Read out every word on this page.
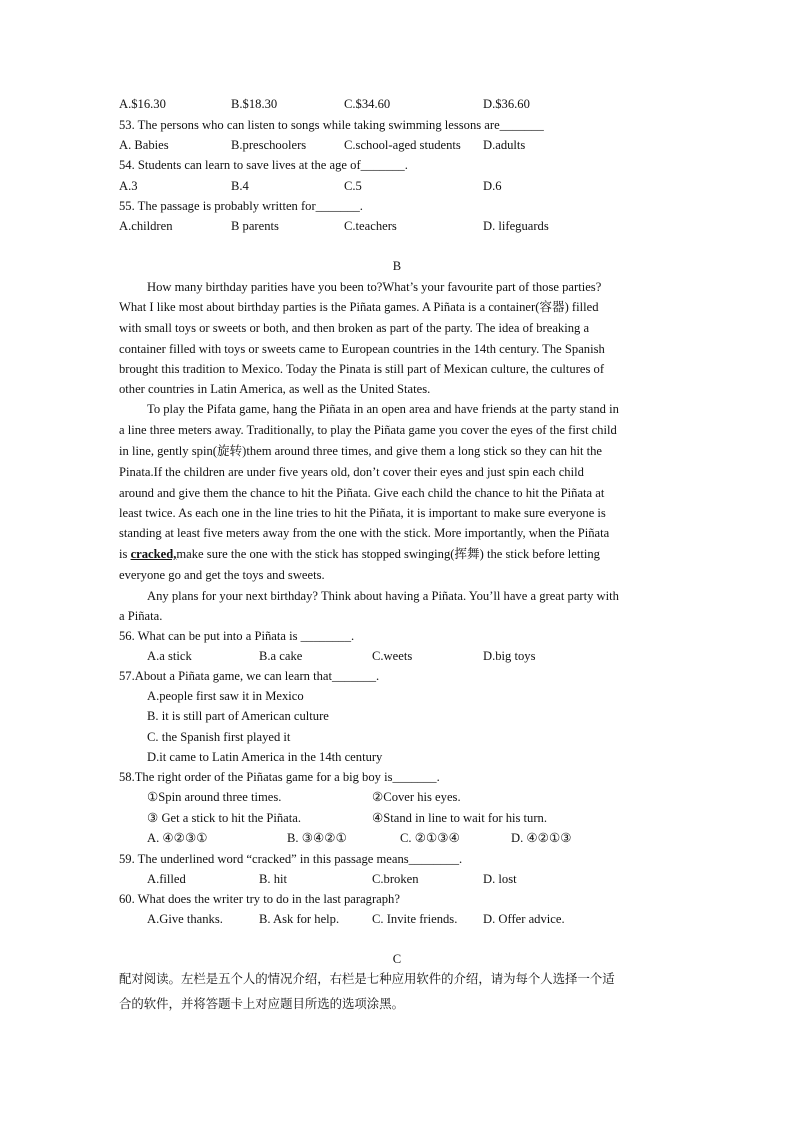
A.$16.30	B.$18.30	C.$34.60	D.$36.60
53. The persons who can listen to songs while taking swimming lessons are_______
A. Babies	B.preschoolers	C.school-aged students D.adults
54. Students can learn to save lives at the age of_______.
A.3	B.4	C.5	D.6
55. The passage is probably written for_______.
A.children	B parents	C.teachers	D. lifeguards
B
How many birthday parities have you been to?What’s your favourite part of those parties?
What I like most about birthday parties is the Piñata games. A Piñata is a container(容器) filled
with small toys or sweets or both, and then broken as part of the party. The idea of breaking a
container filled with toys or sweets came to European countries in the 14th century. The Spanish
brought this tradition to Mexico. Today the Pinata is still part of Mexican culture, the cultures of
other countries in Latin America, as well as the United States.
To play the Pifata game, hang the Piñata in an open area and have friends at the party stand in
a line three meters away. Traditionally, to play the Piñata game you cover the eyes of the first child
in line, gently spin(旋转)them around three times, and give them a long stick so they can hit the
Pinata.If the children are under five years old, don’t cover their eyes and just spin each child
around and give them the chance to hit the Piñata. Give each child the chance to hit the Piñata at
least twice. As each one in the line tries to hit the Piñata, it is important to make sure everyone is
standing at least five meters away from the one with the stick. More importantly, when the Piñata
is cracked,make sure the one with the stick has stopped swinging(挥舞) the stick before letting
everyone go and get the toys and sweets.
Any plans for your next birthday? Think about having a Piñata. You’ll have a great party with
a Piñata.
56. What can be put into a Piñata is ________.
A.a stick	B.a cake	C.weets	D.big toys
57.About a Piñata game, we can learn that_______.
A.people first saw it in Mexico
B. it is still part of American culture
C. the Spanish first played it
D.it came to Latin America in the 14th century
58.The right order of the Piñatas game for a big boy is_______.
①Spin around three times.	②Cover his eyes.
③ Get a stick to hit the Piñata.	④Stand in line to wait for his turn.
A. ④②③①	B. ③④②①	C. ②①③④	D. ④②①③
59. The underlined word “cracked” in this passage means________.
A.filled	B. hit	C.broken	D. lost
60. What does the writer try to do in the last paragraph?
A.Give thanks.	B. Ask for help.	C. Invite friends. D. Offer advice.
C
配对阅读。左栏是五个人的情况介绍，右栏是七种应用软件的介绍，请为每个人选择一个适
合的软件，并将答题卡上对应题目所选的选项涂黑。
